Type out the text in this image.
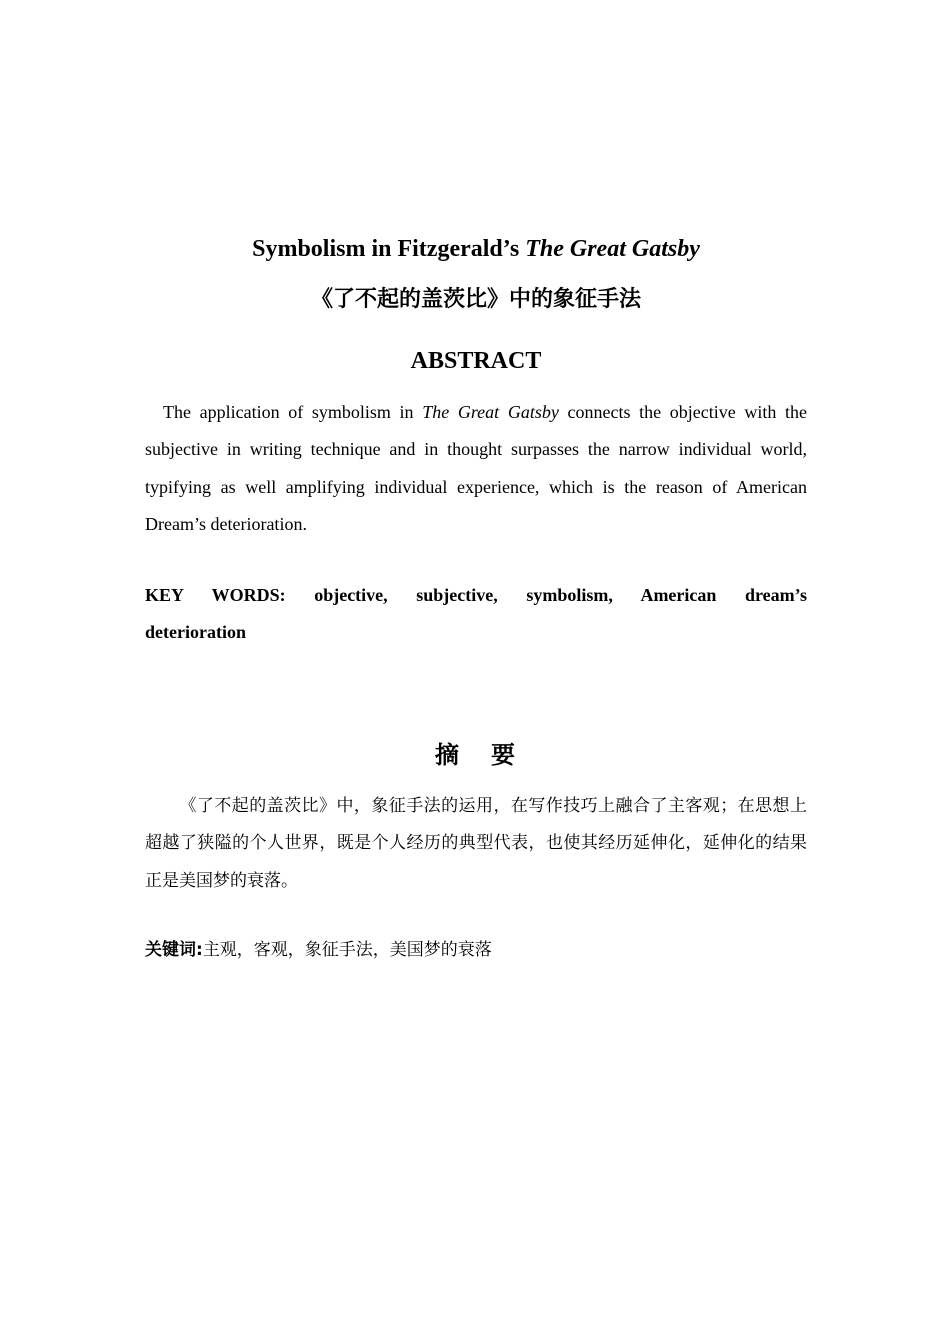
Symbolism in Fitzgerald’s The Great Gatsby
《了不起的盖茨比》中的象征手法
ABSTRACT
The application of symbolism in The Great Gatsby connects the objective with the subjective in writing technique and in thought surpasses the narrow individual world, typifying as well amplifying individual experience, which is the reason of American Dream’s deterioration.
KEY WORDS: objective, subjective, symbolism, American dream’s
deterioration
摘 要
《了不起的盖茨比》中，象征手法的运用，在写作技巧上融合了主客观；在思想上超越了狭隘的个人世界，既是个人经历的典型代表，也使其经历延伸化，延伸化的结果正是美国梦的衰落。
关键词:主观，客观，象征手法，美国梦的衰落
